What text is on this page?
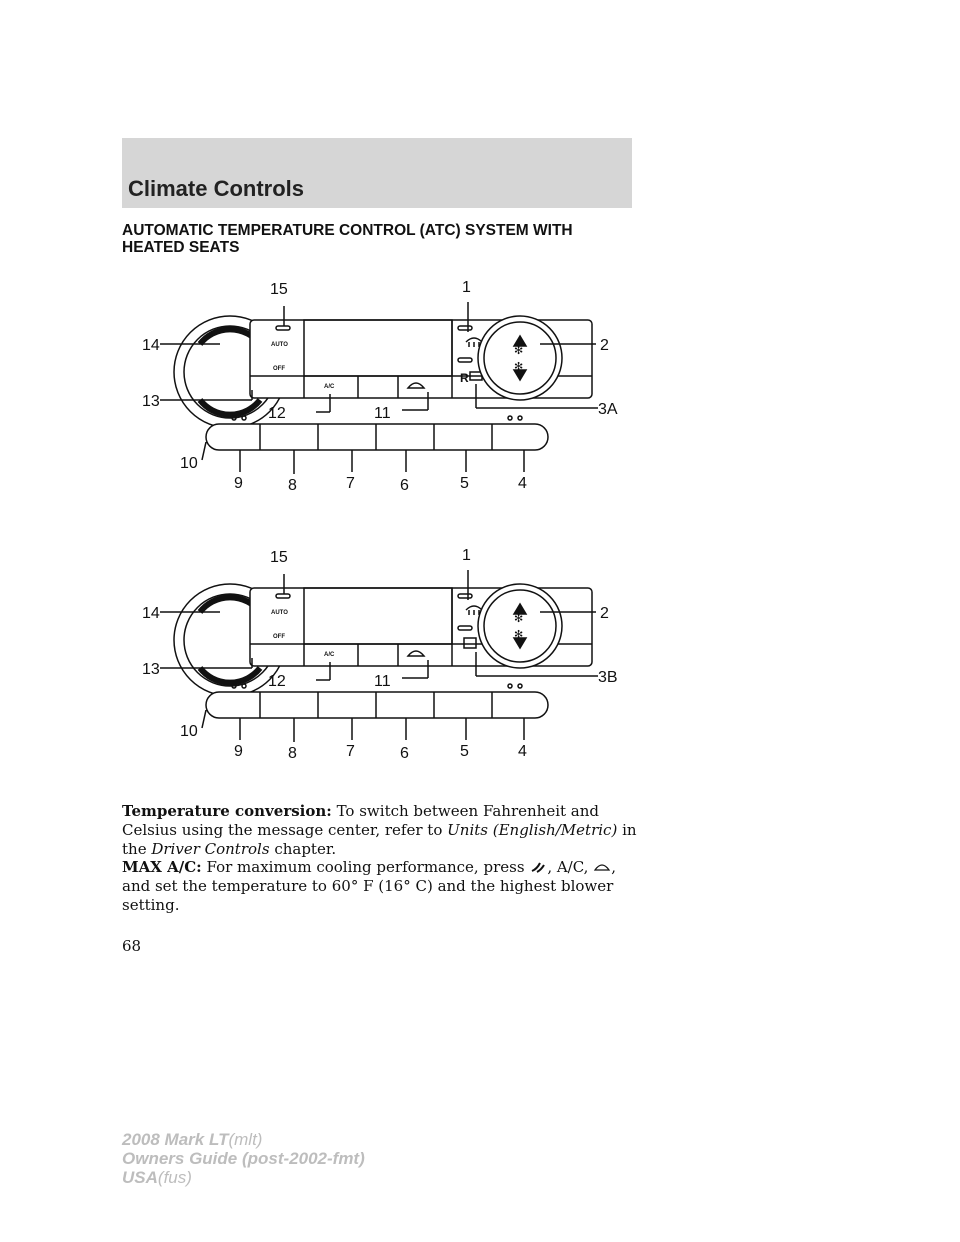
Climate Controls
AUTOMATIC TEMPERATURE CONTROL (ATC) SYSTEM WITH
HEATED SEATS
AUTO
OFF
A/C
R
✻
✻
15	1
14	2
13	3A
12	11
10
9	8	7	6	5	4
AUTO
OFF
A/C
✻
✻
15	1
14	2
13	3B
12	11
10
9	8	7	6	5	4
Temperature conversion: To switch between Fahrenheit and Celsius using the message center, refer to Units (English/Metric) in the Driver Controls chapter.
MAX A/C: For maximum cooling performance, press , A/C, , and set the temperature to 60° F (16° C) and the highest blower setting.
68
2008 Mark LT(mlt)
Owners Guide (post-2002-fmt)
USA(fus)
